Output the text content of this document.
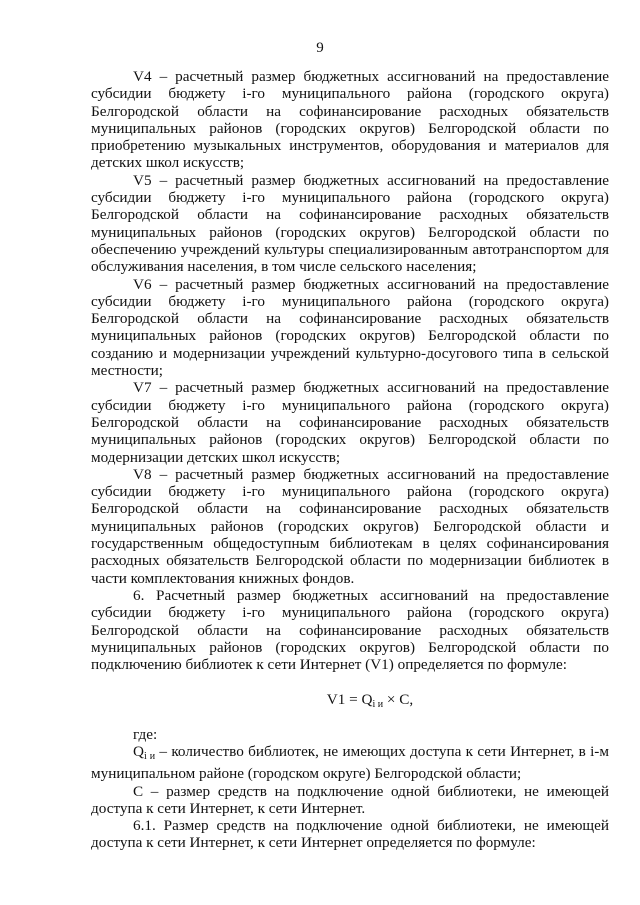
9

V4 – расчетный размер бюджетных ассигнований на предоставление субсидии бюджету i-го муниципального района (городского округа) Белгородской области на софинансирование расходных обязательств муниципальных районов (городских округов) Белгородской области по приобретению музыкальных инструментов, оборудования и материалов для детских школ искусств;

V5 – расчетный размер бюджетных ассигнований на предоставление субсидии бюджету i-го муниципального района (городского округа) Белгородской области на софинансирование расходных обязательств муниципальных районов (городских округов) Белгородской области по обеспечению учреждений культуры специализированным автотранспортом для обслуживания населения, в том числе сельского населения;

V6 – расчетный размер бюджетных ассигнований на предоставление субсидии бюджету i-го муниципального района (городского округа) Белгородской области на софинансирование расходных обязательств муниципальных районов (городских округов) Белгородской области по созданию и модернизации учреждений культурно-досугового типа в сельской местности;

V7 – расчетный размер бюджетных ассигнований на предоставление субсидии бюджету i-го муниципального района (городского округа) Белгородской области на софинансирование расходных обязательств муниципальных районов (городских округов) Белгородской области по модернизации детских школ искусств;

V8 – расчетный размер бюджетных ассигнований на предоставление субсидии бюджету i-го муниципального района (городского округа) Белгородской области на софинансирование расходных обязательств муниципальных районов (городских округов) Белгородской области и государственным общедоступным библиотекам в целях софинансирования расходных обязательств Белгородской области по модернизации библиотек в части комплектования книжных фондов.

6. Расчетный размер бюджетных ассигнований на предоставление субсидии бюджету i-го муниципального района (городского округа) Белгородской области на софинансирование расходных обязательств муниципальных районов (городских округов) Белгородской области по подключению библиотек к сети Интернет (V1) определяется по формуле:

$V1 = Q_{i и} \times C$,

где:

$Q_{i и}$ – количество библиотек, не имеющих доступа к сети Интернет, в i-м муниципальном районе (городском округе) Белгородской области;

С – размер средств на подключение одной библиотеки, не имеющей доступа к сети Интернет, к сети Интернет.

6.1. Размер средств на подключение одной библиотеки, не имеющей доступа к сети Интернет, к сети Интернет определяется по формуле:
